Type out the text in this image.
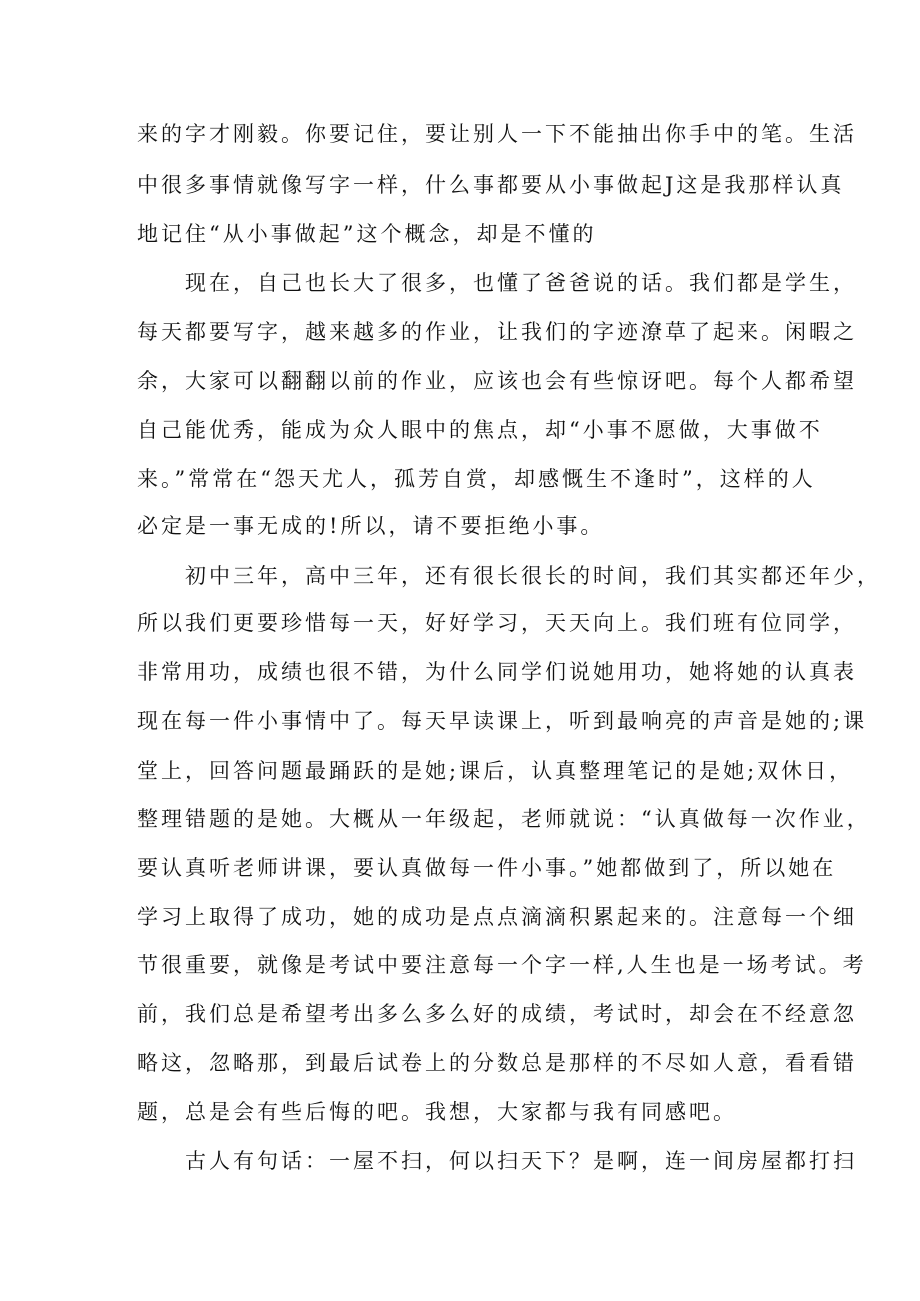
来的字才刚毅。你要记住，要让别人一下不能抽出你手中的笔。生活
中很多事情就像写字一样，什么事都要从小事做起J这是我那样认真
地记住“从小事做起”这个概念，却是不懂的
现在，自己也长大了很多，也懂了爸爸说的话。我们都是学生，
每天都要写字，越来越多的作业，让我们的字迹潦草了起来。闲暇之
余，大家可以翻翻以前的作业，应该也会有些惊讶吧。每个人都希望
自己能优秀，能成为众人眼中的焦点，却“小事不愿做，大事做不
来。”常常在“怨天尤人，孤芳自赏，却感慨生不逢时”，这样的人
必定是一事无成的!所以，请不要拒绝小事。
初中三年，高中三年，还有很长很长的时间，我们其实都还年少，
所以我们更要珍惜每一天，好好学习，天天向上。我们班有位同学，
非常用功，成绩也很不错，为什么同学们说她用功，她将她的认真表
现在每一件小事情中了。每天早读课上，听到最响亮的声音是她的;课
堂上，回答问题最踊跃的是她;课后，认真整理笔记的是她;双休日，
整理错题的是她。大概从一年级起，老师就说：“认真做每一次作业，
要认真听老师讲课，要认真做每一件小事。”她都做到了，所以她在
学习上取得了成功，她的成功是点点滴滴积累起来的。注意每一个细
节很重要，就像是考试中要注意每一个字一样,人生也是一场考试。考
前，我们总是希望考出多么多么好的成绩，考试时，却会在不经意忽
略这，忽略那，到最后试卷上的分数总是那样的不尽如人意，看看错
题，总是会有些后悔的吧。我想，大家都与我有同感吧。
古人有句话：一屋不扫，何以扫天下？是啊，连一间房屋都打扫
